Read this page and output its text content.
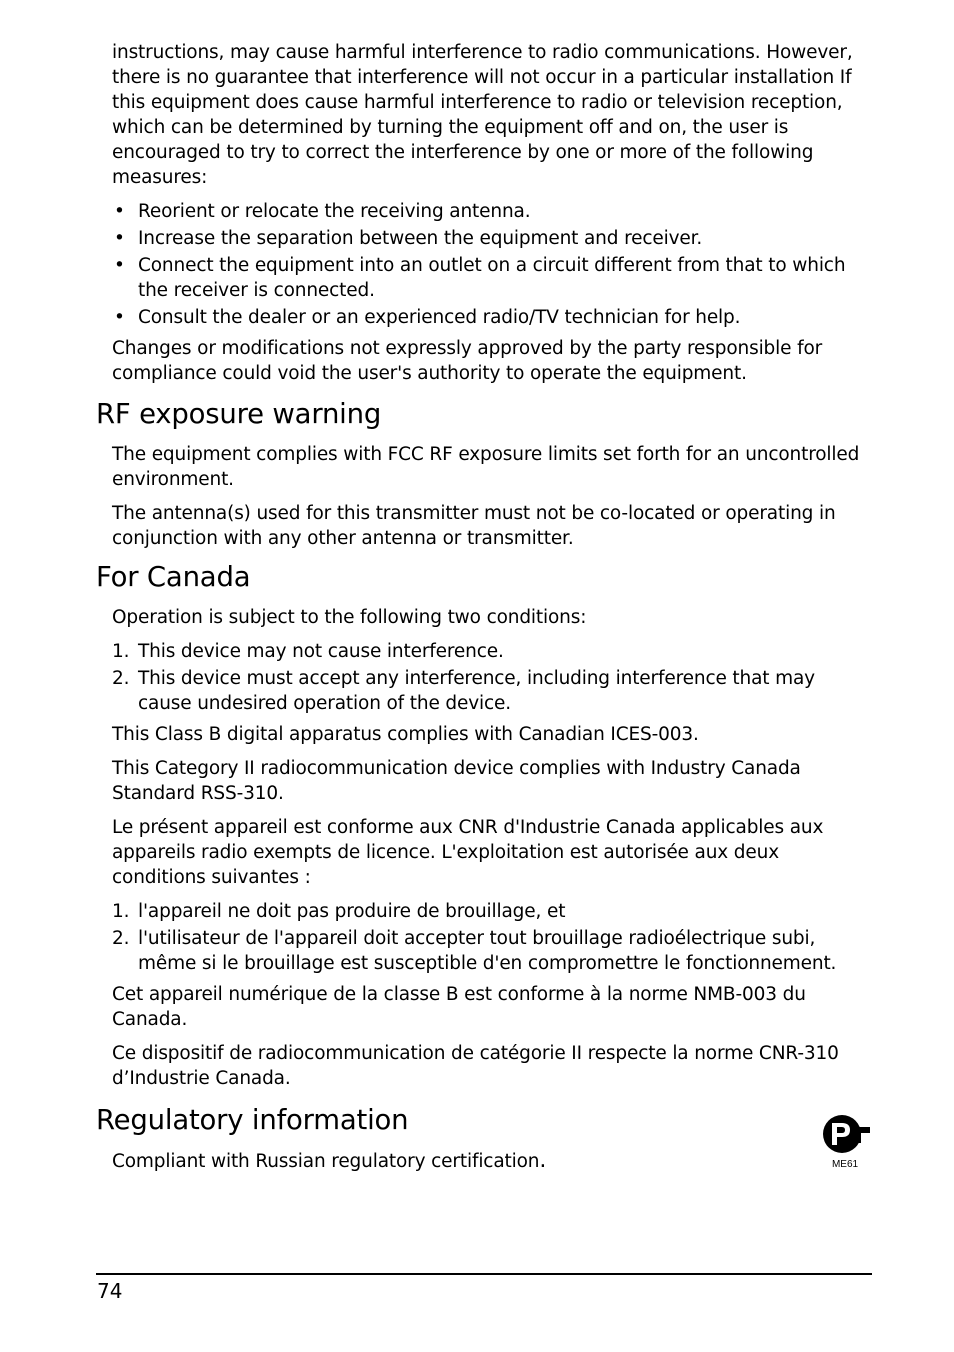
instructions, may cause harmful interference to radio communications. However, there is no guarantee that interference will not occur in a particular installation If this equipment does cause harmful interference to radio or television reception, which can be determined by turning the equipment off and on, the user is encouraged to try to correct the interference by one or more of the following measures:

• Reorient or relocate the receiving antenna.
• Increase the separation between the equipment and receiver.
• Connect the equipment into an outlet on a circuit different from that to which the receiver is connected.
• Consult the dealer or an experienced radio/TV technician for help.

Changes or modifications not expressly approved by the party responsible for compliance could void the user's authority to operate the equipment.

RF exposure warning

The equipment complies with FCC RF exposure limits set forth for an uncontrolled environment.

The antenna(s) used for this transmitter must not be co-located or operating in conjunction with any other antenna or transmitter.

For Canada

Operation is subject to the following two conditions:

1. This device may not cause interference.
2. This device must accept any interference, including interference that may cause undesired operation of the device.

This Class B digital apparatus complies with Canadian ICES-003.

This Category II radiocommunication device complies with Industry Canada Standard RSS-310.

Le présent appareil est conforme aux CNR d'Industrie Canada applicables aux appareils radio exempts de licence. L'exploitation est autorisée aux deux conditions suivantes :

1. l'appareil ne doit pas produire de brouillage, et
2. l'utilisateur de l'appareil doit accepter tout brouillage radioélectrique subi, même si le brouillage est susceptible d'en compromettre le fonctionnement.

Cet appareil numérique de la classe B est conforme à la norme NMB-003 du Canada.

Ce dispositif de radiocommunication de catégorie II respecte la norme CNR-310 d’Industrie Canada.

Regulatory information

Compliant with Russian regulatory certification.	ME61
74
